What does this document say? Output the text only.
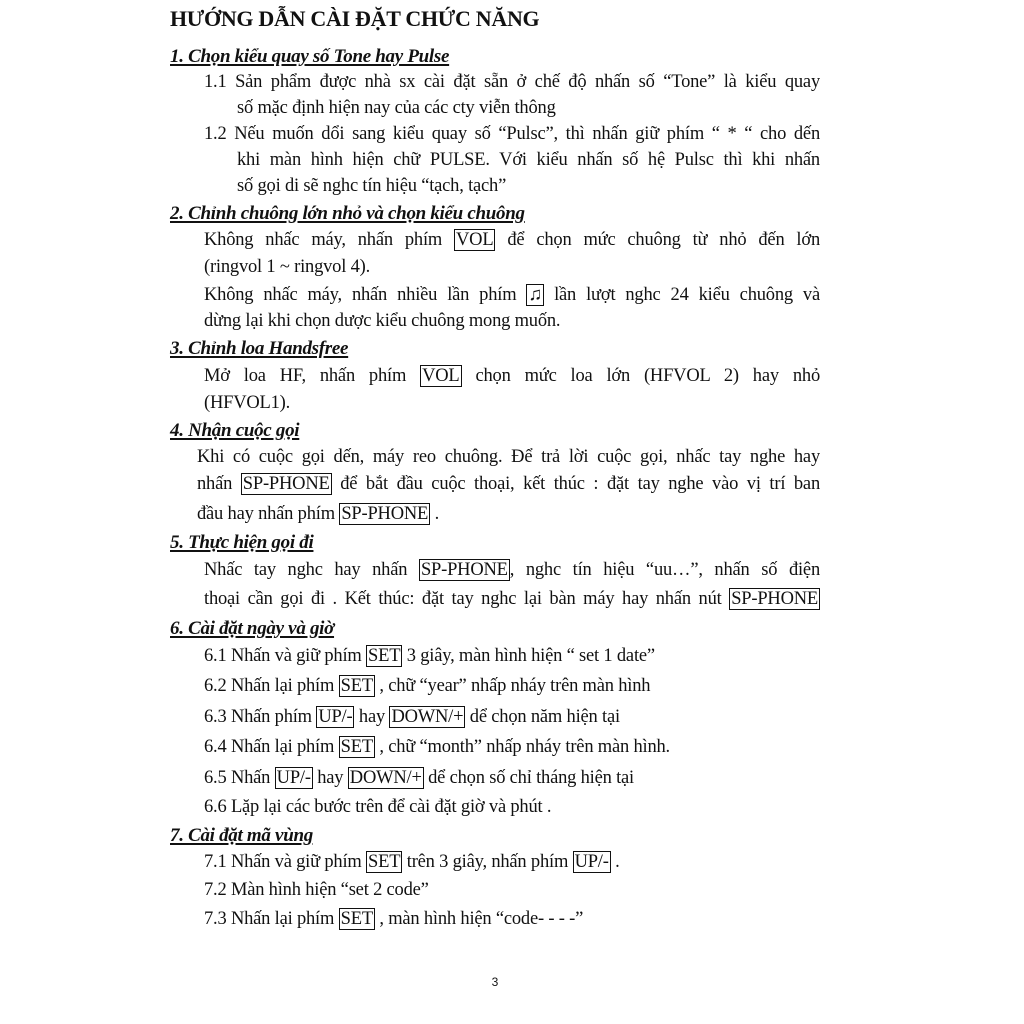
HƯỚNG DẪN CÀI ĐẶT CHỨC NĂNG
1. Chọn kiểu quay số Tone hay Pulse
2. Chỉnh chuông lớn nhỏ và chọn kiểu chuông
3. Chỉnh loa Handsfree
4. Nhận cuộc gọi
5. Thực hiện gọi đi
6. Cài đặt ngày và giờ
7. Cài đặt mã vùng
1.1 Sản phẩm được nhà sx cài đặt sẵn ở chế độ nhấn số “Tone” là kiểu quay
số mặc định hiện nay của các cty viễn thông
1.2 Nếu muốn dổi sang kiểu quay số “Pulsc”, thì nhấn giữ phím “ * “ cho dến
khi màn hình hiện chữ PULSE. Với kiểu nhấn số hệ Pulsc thì khi nhấn
số gọi di sẽ nghc tín hiệu “tạch, tạch”
Không nhấc máy, nhấn phím VOL để chọn mức chuông từ nhỏ đến lớn
(ringvol 1 ~ ringvol 4).
Không nhấc máy, nhấn nhiều lần phím ♫ lần lượt nghc 24 kiểu chuông và
dừng lại khi chọn dược kiểu chuông mong muốn.
Mở loa HF, nhấn phím VOL chọn mức loa lớn (HFVOL 2) hay nhỏ
(HFVOL1).
Khi có cuộc gọi dến, máy reo chuông. Để trả lời cuộc gọi, nhấc tay nghe hay
nhấn SP-PHONE để bắt đầu cuộc thoại, kết thúc : đặt tay nghe vào vị trí ban
đầu hay nhấn phím SP-PHONE .
Nhấc tay nghc hay nhấn SP-PHONE , nghc tín hiệu “uu…”, nhấn số điện
thoại cần gọi đi . Kết thúc: đặt tay nghc lại bàn máy hay nhấn nút SP-PHONE
6.1 Nhấn và giữ phím SET 3 giây, màn hình hiện “ set 1 date”
6.2 Nhấn lại phím SET , chữ “year” nhấp nháy trên màn hình
6.3 Nhấn phím UP/- hay DOWN/+ dể chọn năm hiện tại
6.4 Nhấn lại phím SET , chữ “month” nhấp nháy trên màn hình.
6.5 Nhấn UP/- hay DOWN/+ dể chọn số chỉ tháng hiện tại
6.6 Lặp lại các bước trên để cài đặt giờ và phút .
7.1 Nhấn và giữ phím SET trên 3 giây, nhấn phím UP/- .
7.2 Màn hình hiện “set 2 code”
7.3 Nhấn lại phím SET , màn hình hiện “code- - - -”
3
